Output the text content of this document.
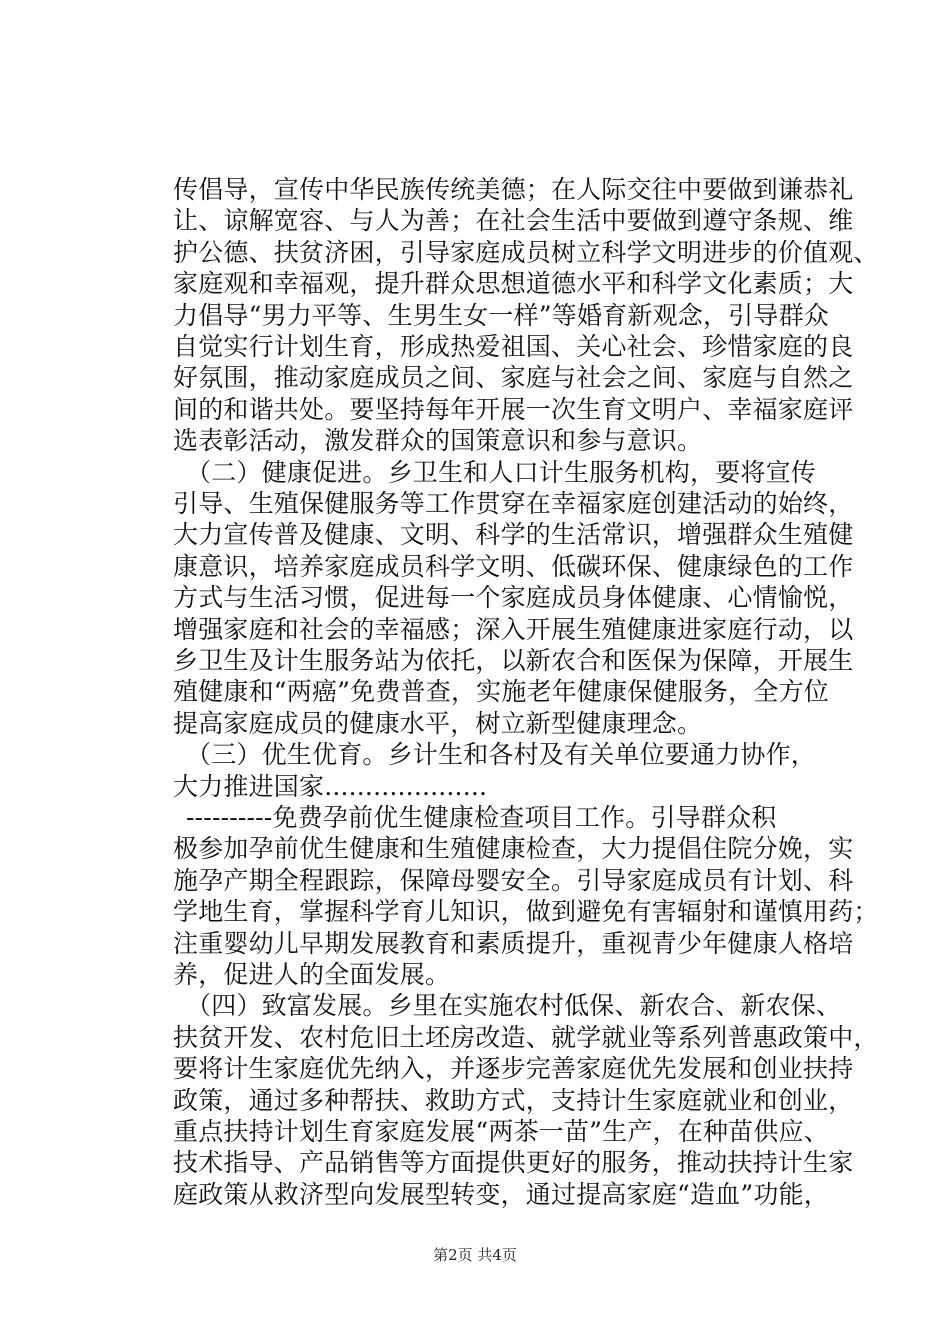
传倡导，宣传中华民族传统美德；在人际交往中要做到谦恭礼
让、谅解宽容、与人为善；在社会生活中要做到遵守条规、维
护公德、扶贫济困，引导家庭成员树立科学文明进步的价值观、
家庭观和幸福观，提升群众思想道德水平和科学文化素质；大
力倡导“男力平等、生男生女一样”等婚育新观念，引导群众
自觉实行计划生育，形成热爱祖国、关心社会、珍惜家庭的良
好氛围，推动家庭成员之间、家庭与社会之间、家庭与自然之
间的和谐共处。要坚持每年开展一次生育文明户、幸福家庭评
选表彰活动，激发群众的国策意识和参与意识。
（二）健康促进。乡卫生和人口计生服务机构，要将宣传
引导、生殖保健服务等工作贯穿在幸福家庭创建活动的始终，
大力宣传普及健康、文明、科学的生活常识，增强群众生殖健
康意识，培养家庭成员科学文明、低碳环保、健康绿色的工作
方式与生活习惯，促进每一个家庭成员身体健康、心情愉悦，
增强家庭和社会的幸福感；深入开展生殖健康进家庭行动，以
乡卫生及计生服务站为依托，以新农合和医保为保障，开展生
殖健康和“两癌”免费普查，实施老年健康保健服务，全方位
提高家庭成员的健康水平，树立新型健康理念。
（三）优生优育。乡计生和各村及有关单位要通力协作，
大力推进国家....................
----------免费孕前优生健康检查项目工作。引导群众积
极参加孕前优生健康和生殖健康检查，大力提倡住院分娩，实
施孕产期全程跟踪，保障母婴安全。引导家庭成员有计划、科
学地生育，掌握科学育儿知识，做到避免有害辐射和谨慎用药；
注重婴幼儿早期发展教育和素质提升，重视青少年健康人格培
养，促进人的全面发展。
（四）致富发展。乡里在实施农村低保、新农合、新农保、
扶贫开发、农村危旧土坯房改造、就学就业等系列普惠政策中，
要将计生家庭优先纳入，并逐步完善家庭优先发展和创业扶持
政策，通过多种帮扶、救助方式，支持计生家庭就业和创业，
第2页 共4页
重点扶持计划生育家庭发展“两茶一苗”生产，在种苗供应、
技术指导、产品销售等方面提供更好的服务，推动扶持计生家
庭政策从救济型向发展型转变，通过提高家庭“造血”功能，
